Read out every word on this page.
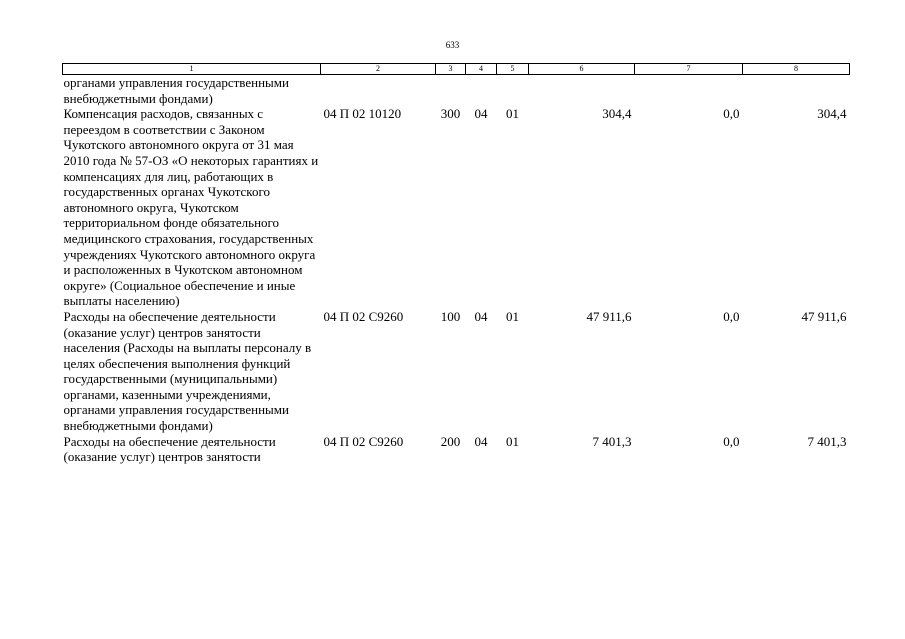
633
1	2	3	4	5	6	7	8
органами управления государственными внебюджетными фондами)							
Компенсация расходов, связанных с переездом в соответствии с Законом Чукотского автономного округа от 31 мая 2010 года № 57-ОЗ «О некоторых гарантиях и компенсациях для лиц, работающих в государственных органах Чукотского автономного округа, Чукотском территориальном фонде обязательного медицинского страхования, государственных учреждениях Чукотского автономного округа и расположенных в Чукотском автономном округе» (Социальное обеспечение и иные выплаты населению)	04 П 02 10120	300	04	01	304,4	0,0	304,4
Расходы на обеспечение деятельности (оказание услуг) центров занятости населения (Расходы на выплаты персоналу в целях обеспечения выполнения функций государственными (муниципальными) органами, казенными учреждениями, органами управления государственными внебюджетными фондами)	04 П 02 С9260	100	04	01	47 911,6	0,0	47 911,6
Расходы на обеспечение деятельности (оказание услуг) центров занятости	04 П 02 С9260	200	04	01	7 401,3	0,0	7 401,3
